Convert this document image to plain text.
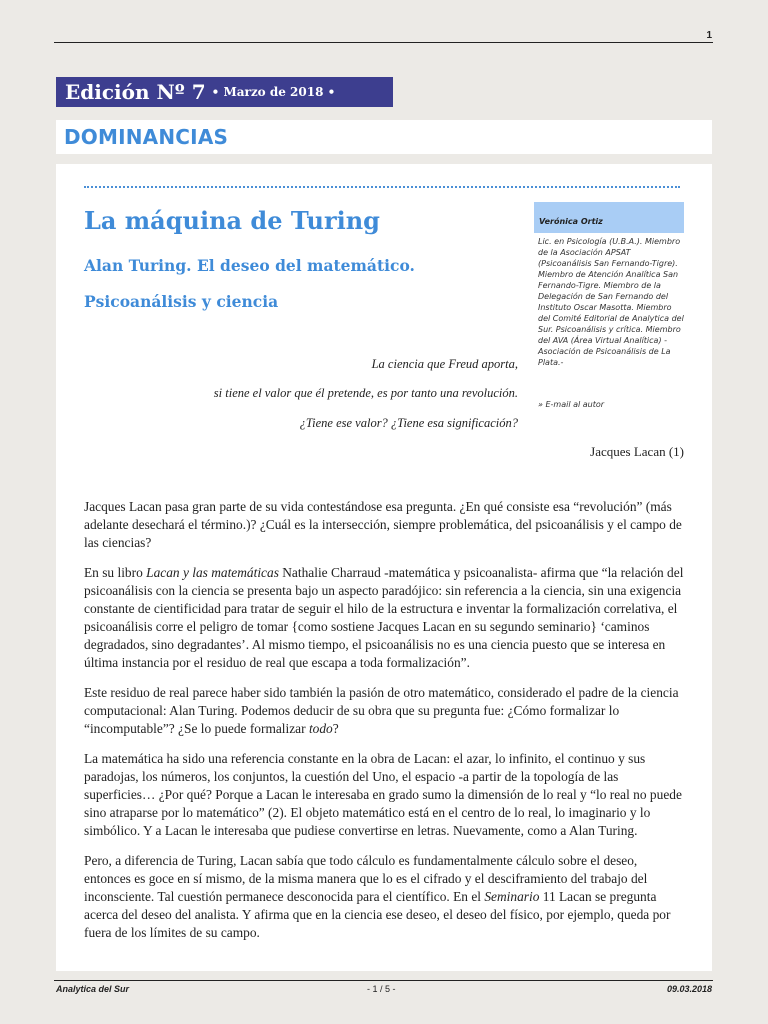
1
Edición Nº 7 • Marzo de 2018 •
DOMINANCIAS
La máquina de Turing
Alan Turing. El deseo del matemático.
Psicoanálisis y ciencia
Verónica Ortiz

Lic. en Psicología (U.B.A.). Miembro de la Asociación APSAT (Psicoanálisis San Fernando-Tigre). Miembro de Atención Analítica San Fernando-Tigre. Miembro de la Delegación de San Fernando del Instituto Oscar Masotta. Miembro del Comité Editorial de Analytica del Sur. Psicoanálisis y crítica. Miembro del AVA (Área Virtual Analítica) -Asociación de Psicoanálisis de La Plata.-

» E-mail al autor
La ciencia que Freud aporta,
si tiene el valor que él pretende, es por tanto una revolución.
¿Tiene ese valor? ¿Tiene esa significación?
Jacques Lacan (1)

Jacques Lacan pasa gran parte de su vida contestándose esa pregunta. ¿En qué consiste esa “revolución” (más adelante desechará el término.)? ¿Cuál es la intersección, siempre problemática, del psicoanálisis y el campo de las ciencias?

En su libro Lacan y las matemáticas Nathalie Charraud -matemática y psicoanalista- afirma que “la relación del psicoanálisis con la ciencia se presenta bajo un aspecto paradójico: sin referencia a la ciencia, sin una exigencia constante de cientificidad para tratar de seguir el hilo de la estructura e inventar la formalización correlativa, el psicoanálisis corre el peligro de tomar {como sostiene Jacques Lacan en su segundo seminario} ‘caminos degradados, sino degradantes’. Al mismo tiempo, el psicoanálisis no es una ciencia puesto que se interesa en última instancia por el residuo de real que escapa a toda formalización”.

Este residuo de real parece haber sido también la pasión de otro matemático, considerado el padre de la ciencia computacional: Alan Turing. Podemos deducir de su obra que su pregunta fue: ¿Cómo formalizar lo “incomputable”? ¿Se lo puede formalizar todo?

La matemática ha sido una referencia constante en la obra de Lacan: el azar, lo infinito, el continuo y sus paradojas, los números, los conjuntos, la cuestión del Uno, el espacio -a partir de la topología de las superficies… ¿Por qué? Porque a Lacan le interesaba en grado sumo la dimensión de lo real y “lo real no puede sino atraparse por lo matemático” (2). El objeto matemático está en el centro de lo real, lo imaginario y lo simbólico. Y a Lacan le interesaba que pudiese convertirse en letras. Nuevamente, como a Alan Turing.

Pero, a diferencia de Turing, Lacan sabía que todo cálculo es fundamentalmente cálculo sobre el deseo, entonces es goce en sí mismo, de la misma manera que lo es el cifrado y el desciframiento del trabajo del inconsciente. Tal cuestión permanece desconocida para el científico. En el Seminario 11 Lacan se pregunta acerca del deseo del analista. Y afirma que en la ciencia ese deseo, el deseo del físico, por ejemplo, queda por fuera de los límites de su campo.

Analytica del Sur	- 1 / 5 -	09.03.2018
